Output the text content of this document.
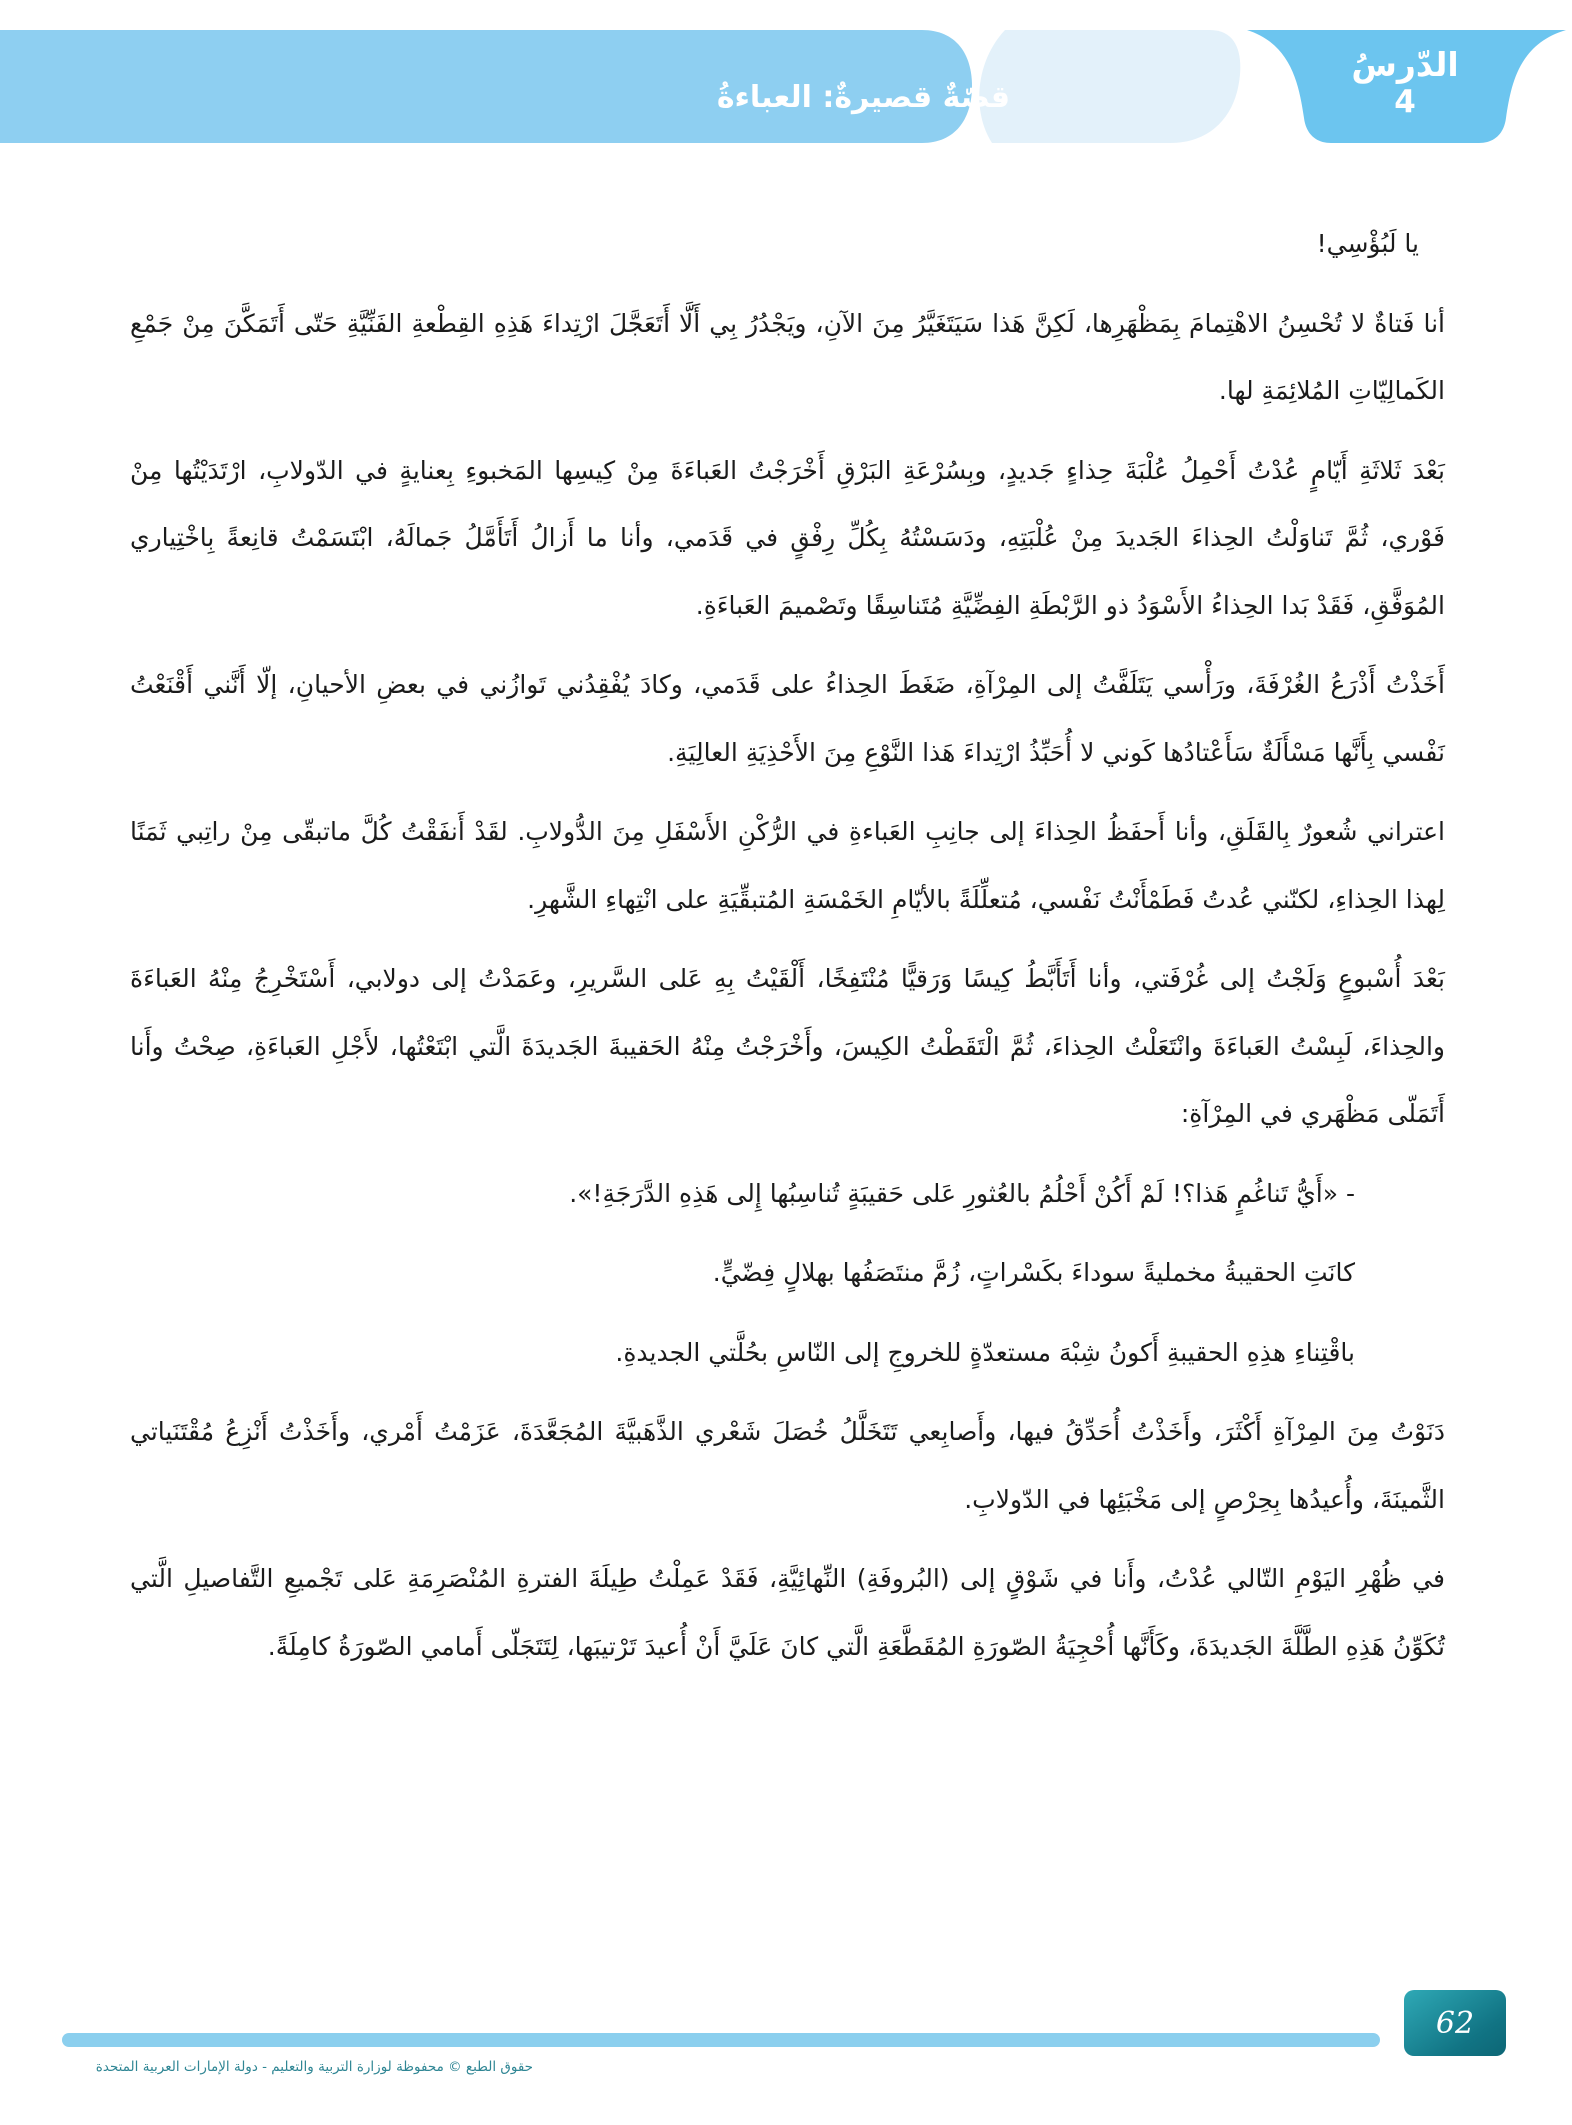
قصّةٌ قصيرةٌ: العباءةُ
الدّرسُ
4

يا لَبُؤْسِي!

أنا فَتاةٌ لا تُحْسِنُ الاهْتِمامَ بِمَظْهَرِها، لَكِنَّ هَذا سَيَتَغَيَّرُ مِنَ الآنِ، ويَجْدُرُ بِي أَلَّا أَتَعَجَّلَ ارْتِداءَ هَذِهِ القِطْعةِ الفَنِّيَّةِ حَتّى أَتَمَكَّنَ مِنْ جَمْعِ الكَمالِيّاتِ المُلائِمَةِ لها.

بَعْدَ ثَلاثَةِ أَيّامٍ عُدْتُ أَحْمِلُ عُلْبَةَ حِذاءٍ جَديدٍ، وبِسُرْعَةِ البَرْقِ أَخْرَجْتُ العَباءَةَ مِنْ كِيسِها المَخبوءِ بِعنايةٍ في الدّولابِ، ارْتَدَيْتُها مِنْ فَوْري، ثُمَّ تَناوَلْتُ الحِذاءَ الجَديدَ مِنْ عُلْبَتِهِ، ودَسَسْتُهُ بِكُلِّ رِفْقٍ في قَدَمي، وأنا ما أَزالُ أَتَأَمَّلُ جَمالَهُ، ابْتَسَمْتُ قانِعةً بِاخْتِياري المُوَفَّقِ، فَقَدْ بَدا الحِذاءُ الأَسْوَدُ ذو الرَّبْطَةِ الفِضِّيَّةِ مُتَناسِقًا وتَصْميمَ العَباءَةِ.

أَخَذْتُ أَذْرَعُ الغُرْفَةَ، ورَأْسي يَتَلَفَّتُ إلى المِرْآةِ، ضَغَطَ الحِذاءُ على قَدَمي، وكادَ يُفْقِدُني تَوازُني في بعضِ الأحيانِ، إلّا أَنَّني أَقْنَعْتُ نَفْسي بِأَنَّها مَسْأَلَةٌ سَأَعْتادُها كَوني لا أُحَبِّذُ ارْتِداءَ هَذا النَّوْعِ مِنَ الأَحْذِيَةِ العالِيَةِ.

اعتراني شُعورٌ بِالقَلَقِ، وأنا أَحفَظُ الحِذاءَ إلى جانِبِ العَباءةِ في الرُّكْنِ الأَسْفَلِ مِنَ الدُّولابِ. لقَدْ أَنفَقْتُ كُلَّ ماتبقّى مِنْ راتِبي ثَمَنًا لِهذا الحِذاءِ، لكنّني عُدتُ فَطَمْأَنْتُ نَفْسي، مُتعلِّلَةً بالأيّامِ الخَمْسَةِ المُتبقِّيَةِ على انْتِهاءِ الشَّهرِ.

بَعْدَ أُسْبوعٍ وَلَجْتُ إلى غُرْفَتي، وأنا أَتَأَبَّطُ كِيسًا وَرَقيًّا مُنْتَفِخًا، أَلْقَيْتُ بِهِ عَلى السَّريرِ، وعَمَدْتُ إلى دولابي، أَسْتَخْرِجُ مِنْهُ العَباءَةَ والحِذاءَ، لَبِسْتُ العَباءَةَ وانْتَعَلْتُ الحِذاءَ، ثُمَّ الْتَقَطْتُ الكِيسَ، وأَخْرَجْتُ مِنْهُ الحَقيبةَ الجَديدَةَ الَّتي ابْتَعْتُها، لأَجْلِ العَباءَةِ، صِحْتُ وأَنا أَتَمَلّى مَظْهَري في المِرْآةِ:

- «أَيُّ تَناغُمٍ هَذا؟! لَمْ أَكُنْ أَحْلُمُ بالعُثورِ عَلى حَقيبَةٍ تُناسِبُها إِلى هَذِهِ الدَّرَجَةِ!».

كانَتِ الحقيبةُ مخمليةً سوداءَ بكَسْراتٍ، زُمَّ منتَصَفُها بهلالٍ فِضّيٍّ.

باقْتِناءِ هذِهِ الحقيبةِ أَكونُ شِبْهَ مستعدّةٍ للخروجِ إلى النّاسِ بحُلَّتي الجديدةِ.

دَنَوْتُ مِنَ المِرْآةِ أَكْثَرَ، وأَخَذْتُ أُحَدِّقُ فيها، وأَصابِعي تَتَخَلَّلُ خُصَلَ شَعْري الذَّهَبيَّةَ المُجَعَّدَةَ، عَزَمْتُ أَمْري، وأَخَذْتُ أَنْزِعُ مُقْتَنَياتي الثَّمينَةَ، وأُعيدُها بِحِرْصٍ إلى مَخْبَئِها في الدّولابِ.

في ظُهْرِ اليَوْمِ التّالي عُدْتُ، وأَنا في شَوْقٍ إلى (البُروفَةِ) النِّهائِيَّةِ، فَقَدْ عَمِلْتُ طِيلَةَ الفترةِ المُنْصَرِمَةِ عَلى تَجْميعِ التَّفاصيلِ الَّتي تُكَوِّنُ هَذِهِ الطَّلَّةَ الجَديدَةَ، وكَأَنَّها أُحْجِيَةُ الصّورَةِ المُقَطَّعَةِ الَّتي كانَ عَلَيَّ أَنْ أُعيدَ تَرْتيبَها، لِتَتَجَلّى أَمامي الصّورَةُ كامِلَةً.

62
حقوق الطبع © محفوظة لوزارة التربية والتعليم - دولة الإمارات العربية المتحدة
